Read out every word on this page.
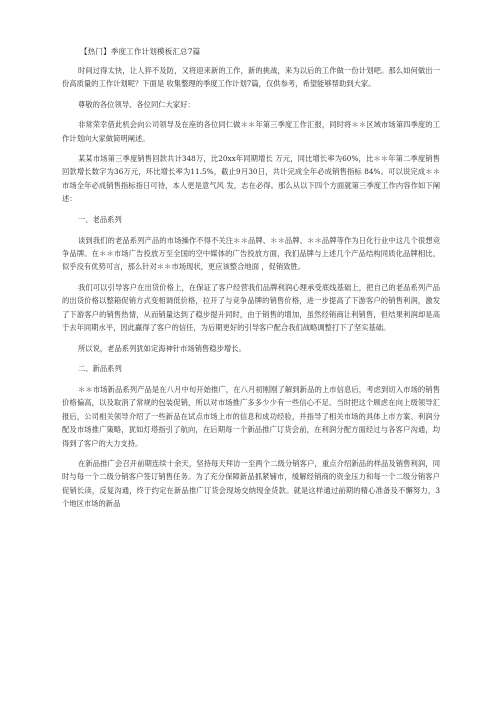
【热门】季度工作计划模板汇总7篇

时间过得太快，让人猝不及防，又将迎来新的工作，新的挑战，来为以后的工作做一份计划吧。那么如何做出一份高质量的工作计划呢？下面是 收集整理的季度工作计划7篇，仅供参考，希望能够帮助到大家。

尊敬的各位领导、各位同仁大家好：

非常荣幸借此机会向公司领导及在座的各位同仁做＊＊年第三季度工作汇报，同时将＊＊区域市场第四季度的工作计划向大家做简明阐述。

某某市场第三季度销售回款共计348万，比20xx年同期增长 万元，同比增长率为60%，比＊＊年第二季度销售回款增长数字为36万元，环比增长率为11.5%，截止9月30日，共计完成全年必成销售指标 84%。可以说完成＊＊市场全年必成销售指标指日可待，本人更是意气风 发，志在必得。那么从以下四个方面就第三季度工作内容作如下阐述：

一、老品系列

谈到我们的老品系列产品的市场操作不得不关注＊＊品牌、＊＊品牌、＊＊品牌等作为日化行业中这几个很想竞争品牌。在＊＊市场广告投放万至全国的空中媒体的广告投放方面，我们品牌与上述几个产品结构同质化品牌相比，似乎没有优势可言，那么针对＊＊市场现状，更应该整合地面 ，促销致胜。

我们可以引导客户在出货价格上，在保证了客户经营我们品牌利润心理承受底线基础上，把自己的老品系列产品的出货价格以整箱促销方式变相调低价格，拉开了与竞争品牌的销售价格，进一步提高了下游客户的销售利润，激发了下游客户的销售热情，从而销量达到了稳步提升同时，由于销售的增加，虽然经销商让利销售，但结果利润却是高于去年同期水平，因此赢得了客户的信任，为后期更好的引导客户配合我们战略调整打下了坚实基础。

所以说，老品系列犹如定海神针市场销售稳步增长。

二、新品系列

＊＊市场新品系列产品是在八月中旬开始推广，在八月初刚刚了解到新品的上市信息后，考虑到切入市场的销售价格偏高，以及取消了常规的包装促销，所以对市场推广多多少少有一些信心不足。当时把这个顾虑在向上级领导汇报后，公司相关领导介绍了一些新品在试点市场上市的信息和成功经验，并指导了相关市场的具体上市方案、利润分配及市场推广策略，犹如灯塔指引了航向，在后期每一个新品推广订货会前，在利润分配方面经过与各客户沟通，均得到了客户的大力支持。

在新品推广会召开前期连续十余天，坚持每天拜访一至两个二级分销客户，重点介绍新品的样品及销售利润，同时与每一个二级分销客户签订销售任务。为了充分保障新品抓紧铺市，缓解经销商的资金压力和每一个二级分销客户促销长读，反复沟通，终于约定在新品推广订货会现场交纳现金货款。就是这样通过前期的精心准备及不懈努力，3 个地区市场的新品
